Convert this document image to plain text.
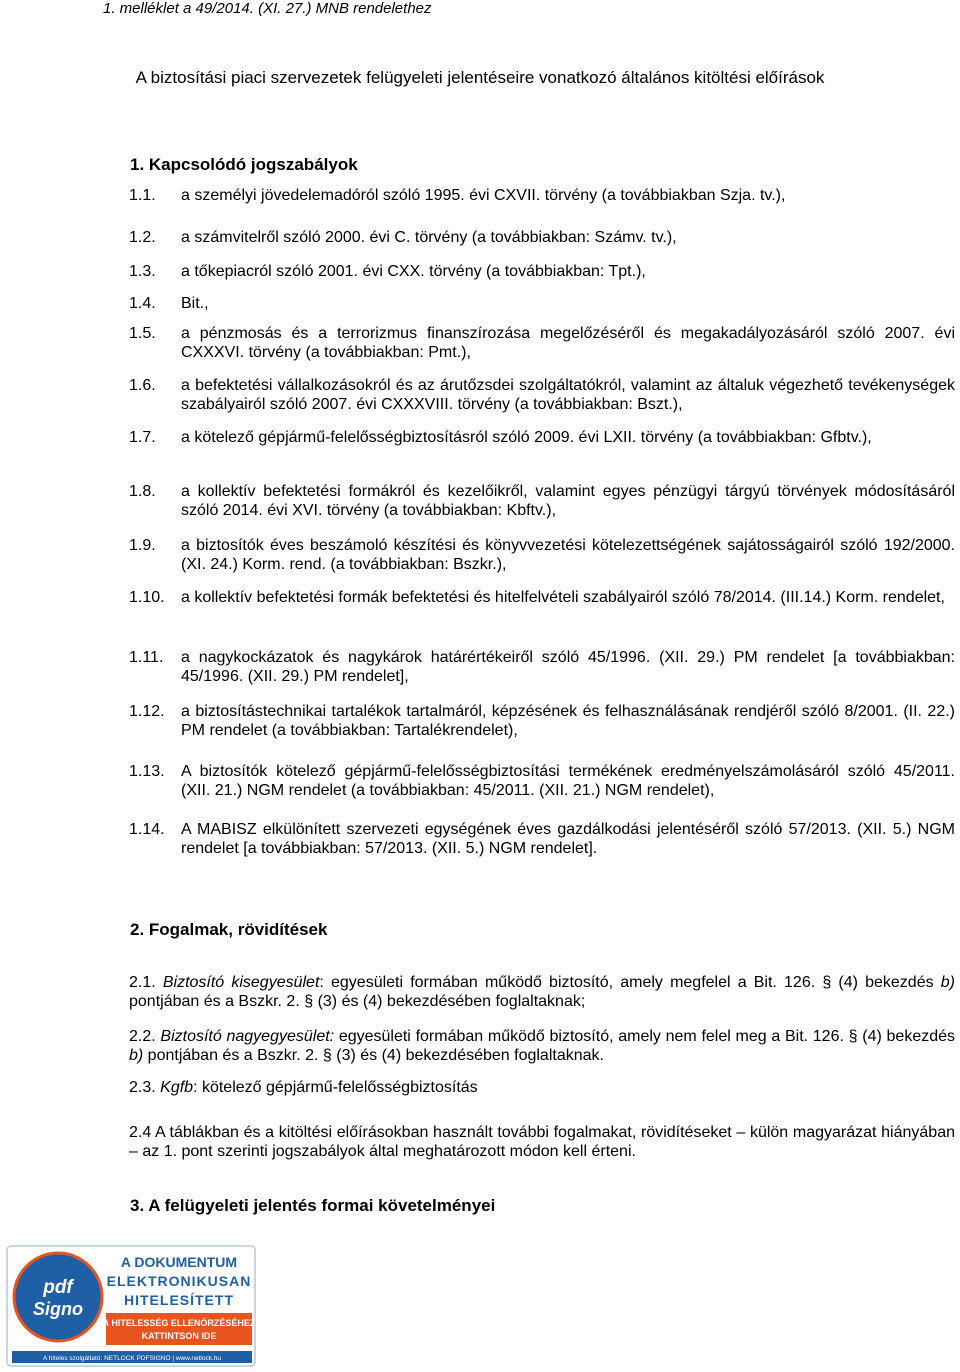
1. melléklet a 49/2014. (XI. 27.) MNB rendelethez
A biztosítási piaci szervezetek felügyeleti jelentéseire vonatkozó általános kitöltési előírások
1. Kapcsolódó jogszabályok
1.1. a személyi jövedelemadóról szóló 1995. évi CXVII. törvény (a továbbiakban Szja. tv.),
1.2. a számvitelről szóló 2000. évi C. törvény (a továbbiakban: Számv. tv.),
1.3. a tőkepiacról szóló 2001. évi CXX. törvény (a továbbiakban: Tpt.),
1.4. Bit.,
1.5. a pénzmosás és a terrorizmus finanszírozása megelőzéséről és megakadályozásáról szóló 2007. évi CXXXVI. törvény (a továbbiakban: Pmt.),
1.6. a befektetési vállalkozásokról és az árutőzsdei szolgáltatókról, valamint az általuk végezhető tevékenységek szabályairól szóló 2007. évi CXXXVIII. törvény (a továbbiakban: Bszt.),
1.7. a kötelező gépjármű-felelősségbiztosításról szóló 2009. évi LXII. törvény (a továbbiakban: Gfbtv.),
1.8. a kollektív befektetési formákról és kezelőikről, valamint egyes pénzügyi tárgyú törvények módosításáról szóló 2014. évi XVI. törvény (a továbbiakban: Kbftv.),
1.9. a biztosítók éves beszámoló készítési és könyvvezetési kötelezettségének sajátosságairól szóló 192/2000. (XI. 24.) Korm. rend. (a továbbiakban: Bszkr.),
1.10. a kollektív befektetési formák befektetési és hitelfelvételi szabályairól szóló 78/2014. (III.14.) Korm. rendelet,
1.11. a nagykockázatok és nagykárok határértékeiről szóló 45/1996. (XII. 29.) PM rendelet [a továbbiakban: 45/1996. (XII. 29.) PM rendelet],
1.12. a biztosítástechnikai tartalékok tartalmáról, képzésének és felhasználásának rendjéről szóló 8/2001. (II. 22.) PM rendelet (a továbbiakban: Tartalékrendelet),
1.13. A biztosítók kötelező gépjármű-felelősségbiztosítási termékének eredményelszámolásáról szóló 45/2011. (XII. 21.) NGM rendelet (a továbbiakban: 45/2011. (XII. 21.) NGM rendelet),
1.14. A MABISZ elkülönített szervezeti egységének éves gazdálkodási jelentéséről szóló 57/2013. (XII. 5.) NGM rendelet [a továbbiakban: 57/2013. (XII. 5.) NGM rendelet].
2. Fogalmak, rövidítések
2.1. Biztosító kisegyesület: egyesületi formában működő biztosító, amely megfelel a Bit. 126. § (4) bekezdés b) pontjában és a Bszkr. 2. § (3) és (4) bekezdésében foglaltaknak;
2.2. Biztosító nagyegyesület: egyesületi formában működő biztosító, amely nem felel meg a Bit. 126. § (4) bekezdés b) pontjában és a Bszkr. 2. § (3) és (4) bekezdésében foglaltaknak.
2.3. Kgfb: kötelező gépjármű-felelősségbiztosítás
2.4 A táblákban és a kitöltési előírásokban használt további fogalmakat, rövidítéseket – külön magyarázat hiányában – az 1. pont szerinti jogszabályok által meghatározott módon kell érteni.
3. A felügyeleti jelentés formai követelményei
pdf
Signo
A DOKUMENTUM
ELEKTRONIKUSAN
HITELESÍTETT
A HITELESSÉG ELLENŐRZÉSÉHEZ
KATTINTSON IDE
A hiteles szolgáltató: NETLOCK PDFSIGNO | www.netlock.hu
